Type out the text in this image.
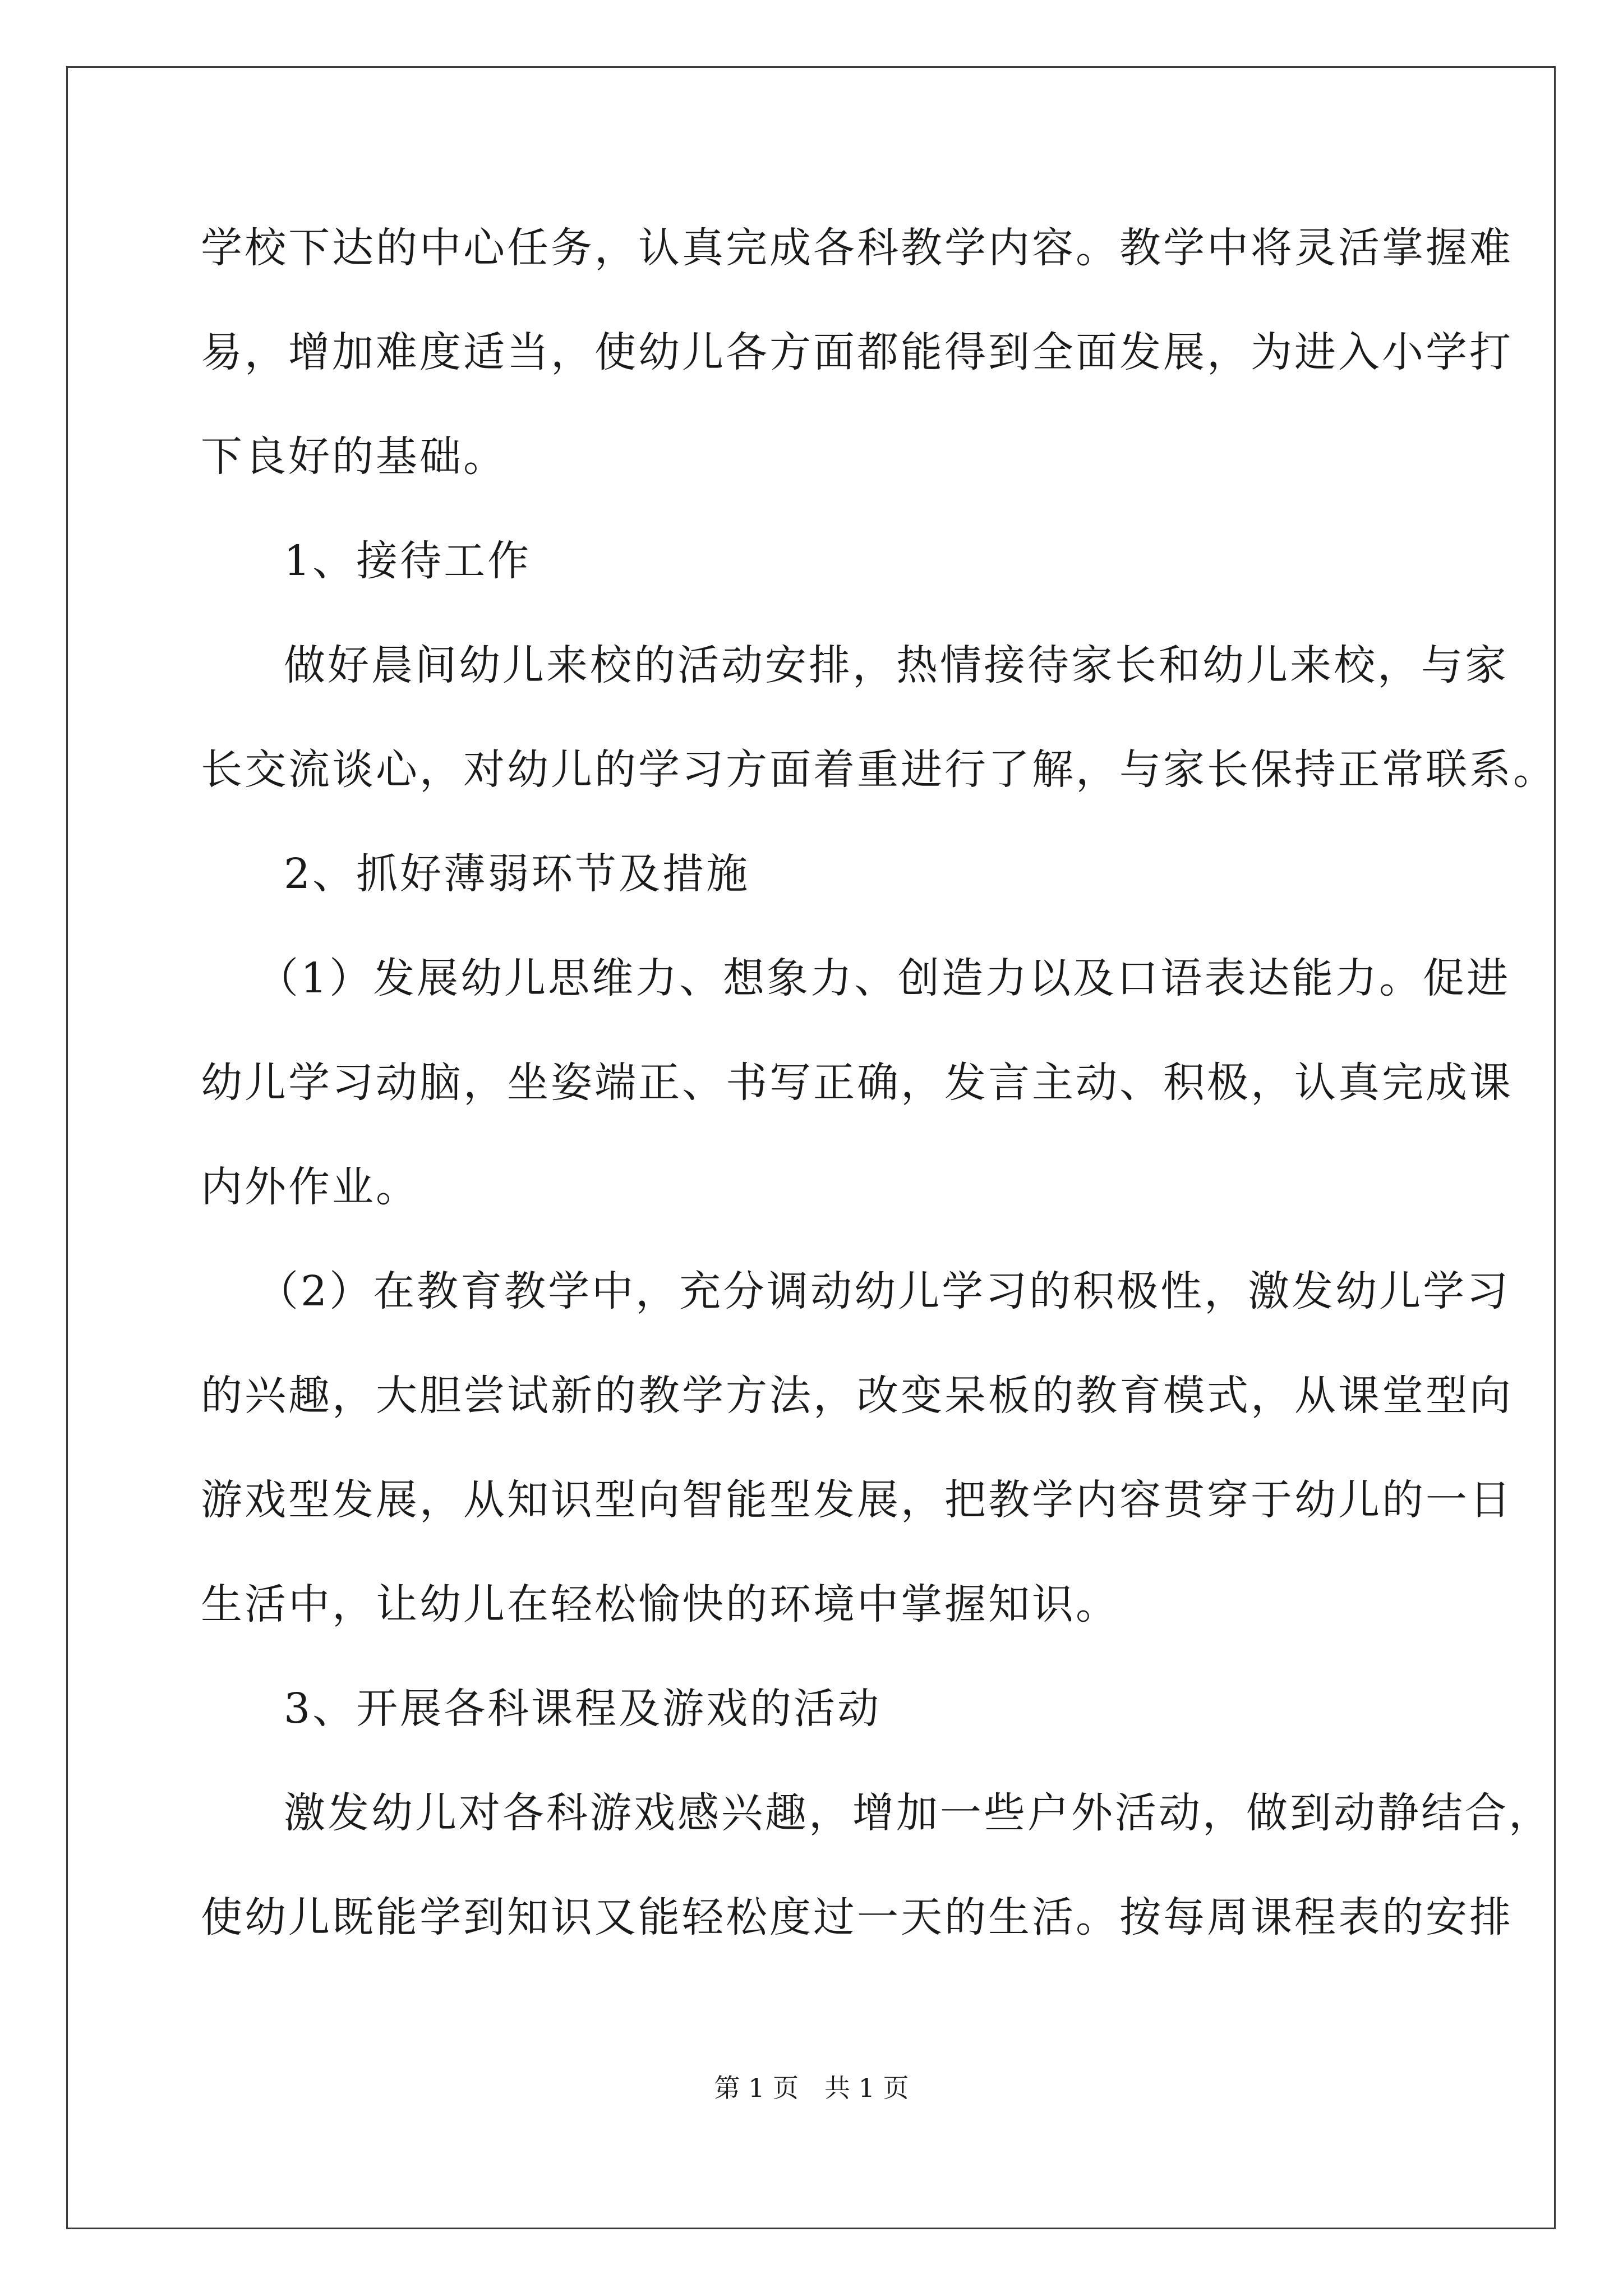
学校下达的中心任务，认真完成各科教学内容。教学中将灵活掌握难
易，增加难度适当，使幼儿各方面都能得到全面发展，为进入小学打
下良好的基础。
1、接待工作
做好晨间幼儿来校的活动安排，热情接待家长和幼儿来校，与家
长交流谈心，对幼儿的学习方面着重进行了解，与家长保持正常联系。
2、抓好薄弱环节及措施
（1）发展幼儿思维力、想象力、创造力以及口语表达能力。促进
幼儿学习动脑，坐姿端正、书写正确，发言主动、积极，认真完成课
内外作业。
（2）在教育教学中，充分调动幼儿学习的积极性，激发幼儿学习
的兴趣，大胆尝试新的教学方法，改变呆板的教育模式，从课堂型向
游戏型发展，从知识型向智能型发展，把教学内容贯穿于幼儿的一日
生活中，让幼儿在轻松愉快的环境中掌握知识。
3、开展各科课程及游戏的活动
激发幼儿对各科游戏感兴趣，增加一些户外活动，做到动静结合，
使幼儿既能学到知识又能轻松度过一天的生活。按每周课程表的安排
第 1 页　共 1 页
